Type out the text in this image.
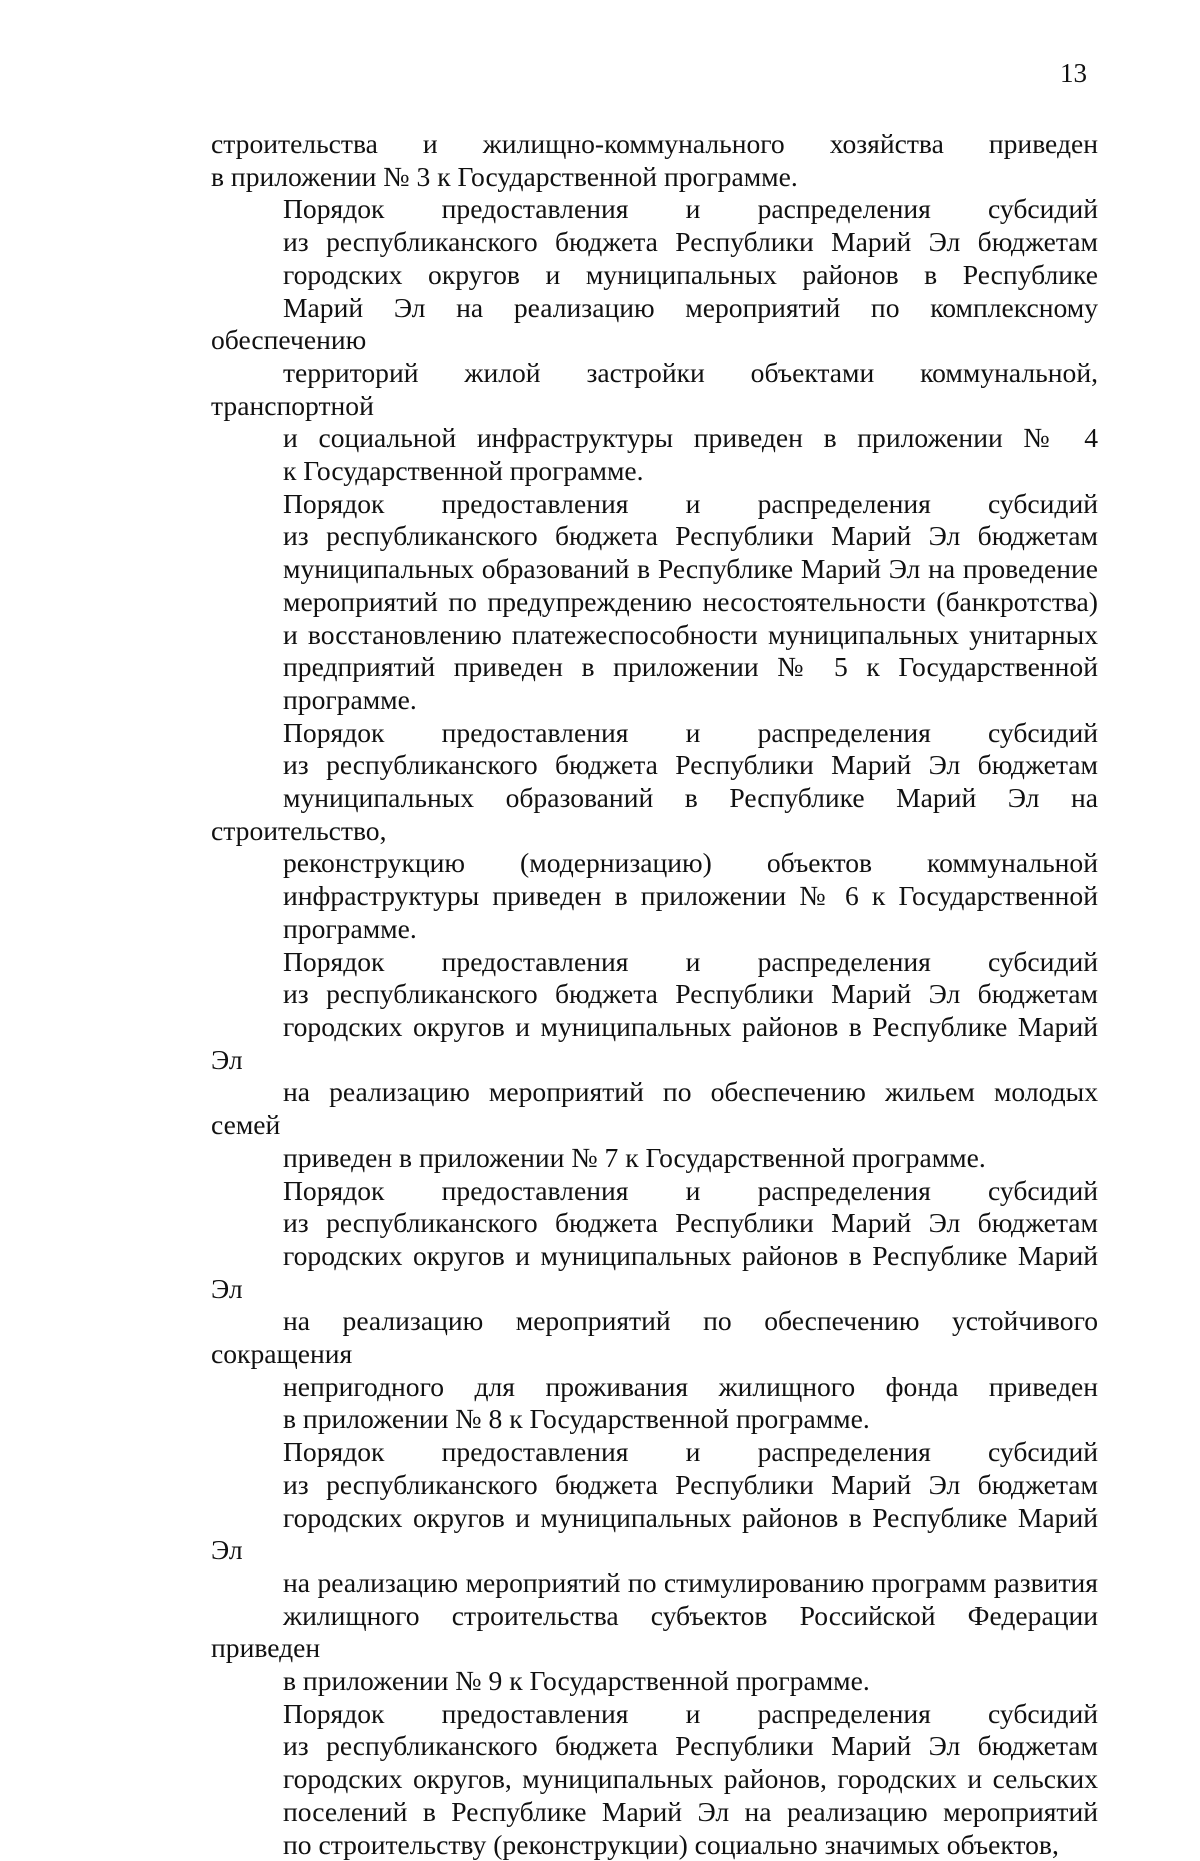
13
строительства и жилищно-коммунального хозяйства приведен
в приложении № 3 к Государственной программе.
Порядок предоставления и распределения субсидий
из республиканского бюджета Республики Марий Эл бюджетам
городских округов и муниципальных районов в Республике
Марий Эл на реализацию мероприятий по комплексному обеспечению
территорий жилой застройки объектами коммунальной, транспортной
и социальной инфраструктуры приведен в приложении № 4
к Государственной программе.
Порядок предоставления и распределения субсидий
из республиканского бюджета Республики Марий Эл бюджетам
муниципальных образований в Республике Марий Эл на проведение
мероприятий по предупреждению несостоятельности (банкротства)
и восстановлению платежеспособности муниципальных унитарных
предприятий приведен в приложении № 5 к Государственной
программе.
Порядок предоставления и распределения субсидий
из республиканского бюджета Республики Марий Эл бюджетам
муниципальных образований в Республике Марий Эл на строительство,
реконструкцию (модернизацию) объектов коммунальной
инфраструктуры приведен в приложении № 6 к Государственной
программе.
Порядок предоставления и распределения субсидий
из республиканского бюджета Республики Марий Эл бюджетам
городских округов и муниципальных районов в Республике Марий Эл
на реализацию мероприятий по обеспечению жильем молодых семей
приведен в приложении № 7 к Государственной программе.
Порядок предоставления и распределения субсидий
из республиканского бюджета Республики Марий Эл бюджетам
городских округов и муниципальных районов в Республике Марий Эл
на реализацию мероприятий по обеспечению устойчивого сокращения
непригодного для проживания жилищного фонда приведен
в приложении № 8 к Государственной программе.
Порядок предоставления и распределения субсидий
из республиканского бюджета Республики Марий Эл бюджетам
городских округов и муниципальных районов в Республике Марий Эл
на реализацию мероприятий по стимулированию программ развития
жилищного строительства субъектов Российской Федерации приведен
в приложении № 9 к Государственной программе.
Порядок предоставления и распределения субсидий
из республиканского бюджета Республики Марий Эл бюджетам
городских округов, муниципальных районов, городских и сельских
поселений в Республике Марий Эл на реализацию мероприятий
по строительству (реконструкции) социально значимых объектов,
